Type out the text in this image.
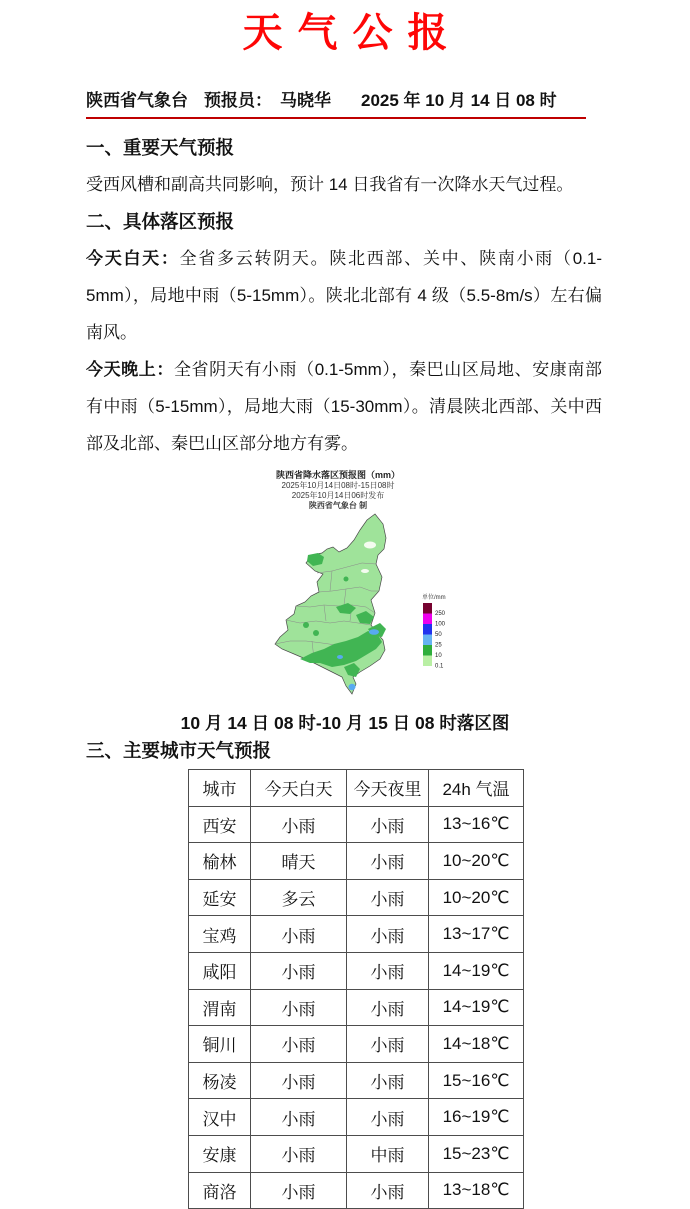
天气公报
陕西省气象台 预报员： 马晓华 2025 年 10 月 14 日 08 时
一、重要天气预报
受西风槽和副高共同影响，预计 14 日我省有一次降水天气过程。
二、具体落区预报
今天白天：全省多云转阴天。陕北西部、关中、陕南小雨（0.1-5mm），局地中雨（5-15mm）。陕北北部有 4 级（5.5-8m/s）左右偏南风。
今天晚上：全省阴天有小雨（0.1-5mm），秦巴山区局地、安康南部有中雨（5-15mm），局地大雨（15-30mm）。清晨陕北西部、关中西部及北部、秦巴山区部分地方有雾。
陕西省降水落区预报图（mm）
2025年10月14日08时-15日08时
2025年10月14日06时发布
陕西省气象台 制
单位/mm
250
100
50
25
10
0.1
10 月 14 日 08 时-10 月 15 日 08 时落区图
三、主要城市天气预报
城市	今天白天	今天夜里	24h 气温
西安	小雨	小雨	13~16℃
榆林	晴天	小雨	10~20℃
延安	多云	小雨	10~20℃
宝鸡	小雨	小雨	13~17℃
咸阳	小雨	小雨	14~19℃
渭南	小雨	小雨	14~19℃
铜川	小雨	小雨	14~18℃
杨凌	小雨	小雨	15~16℃
汉中	小雨	小雨	16~19℃
安康	小雨	中雨	15~23℃
商洛	小雨	小雨	13~18℃
